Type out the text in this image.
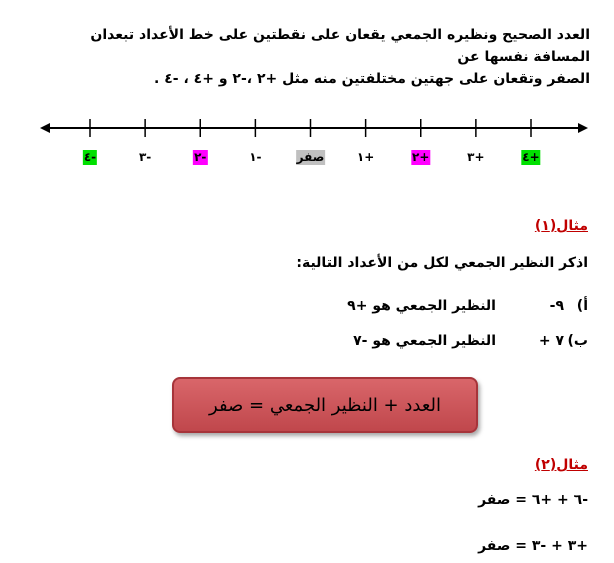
العدد الصحيح ونظيره الجمعي يقعان على نقطتين على خط الأعداد تبعدان المسافة نفسها عن
الصفر وتقعان على جهتين مختلفتين منه مثل +٢ ،-٢ و +٤ ، -٤ .
-٤	-٣	-٢	-١	صفر	+١	+٢	+٣	+٤
مثال(١)
اذكر النظير الجمعي لكل من الأعداد التالية:
أ)
-٩
النظير الجمعي هو +٩
ب)
+ ٧
النظير الجمعي هو -٧
العدد + النظير الجمعي = صفر
مثال(٢)
-٦ + +٦ = صفر
+٣ + -٣ = صفر
